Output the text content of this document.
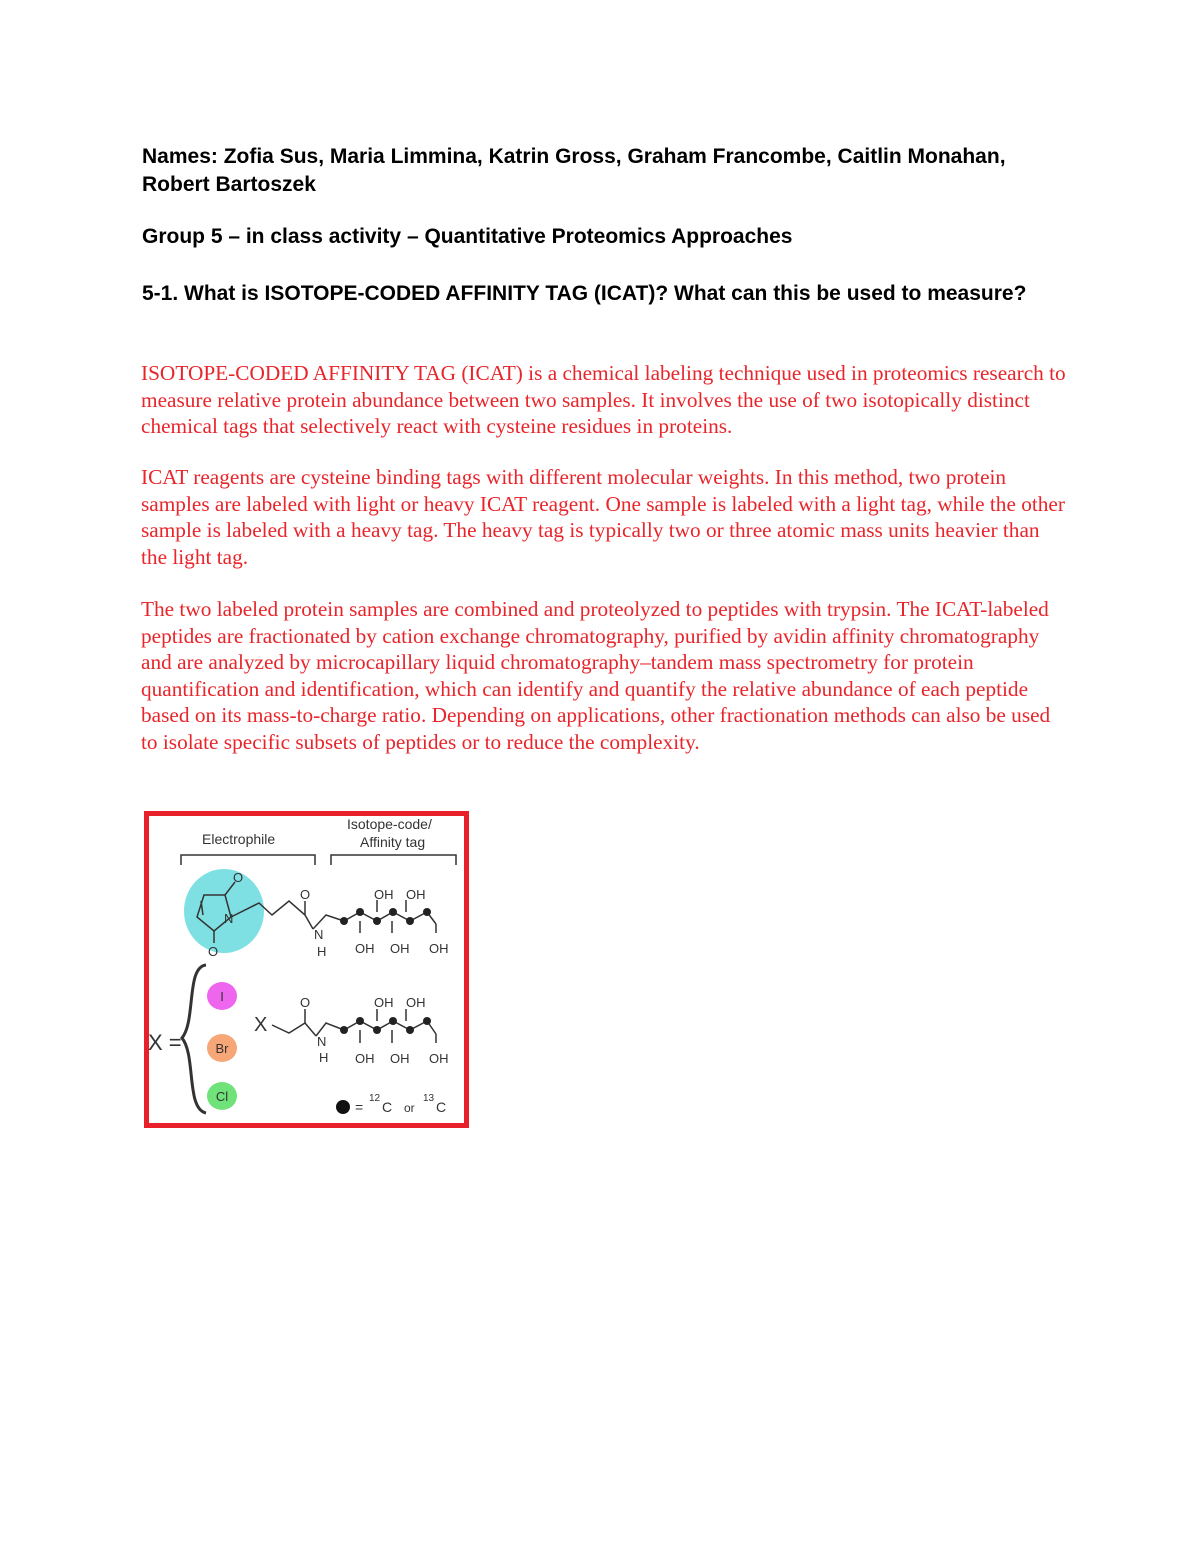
Names: Zofia Sus, Maria Limmina, Katrin Gross, Graham Francombe, Caitlin Monahan, Robert Bartoszek

Group 5 – in class activity – Quantitative Proteomics Approaches

5-1. What is ISOTOPE-CODED AFFINITY TAG (ICAT)? What can this be used to measure?

ISOTOPE-CODED AFFINITY TAG (ICAT) is a chemical labeling technique used in proteomics research to measure relative protein abundance between two samples. It involves the use of two isotopically distinct chemical tags that selectively react with cysteine residues in proteins.

ICAT reagents are cysteine binding tags with different molecular weights. In this method, two protein samples are labeled with light or heavy ICAT reagent. One sample is labeled with a light tag, while the other sample is labeled with a heavy tag. The heavy tag is typically two or three atomic mass units heavier than the light tag.

The two labeled protein samples are combined and proteolyzed to peptides with trypsin. The ICAT-labeled peptides are fractionated by cation exchange chromatography, purified by avidin affinity chromatography and are analyzed by microcapillary liquid chromatography–tandem mass spectrometry for protein quantification and identification, which can identify and quantify the relative abundance of each peptide based on its mass-to-charge ratio. Depending on applications, other fractionation methods can also be used to isolate specific subsets of peptides or to reduce the complexity.

Electrophile
Isotope-code/
Affinity tag
O
O
N
O
N
H
OH OH
OH OH OH
X =
I
Br
Cl
X
O
N
H
OH OH
OH OH OH
=
12
C or
13
C
